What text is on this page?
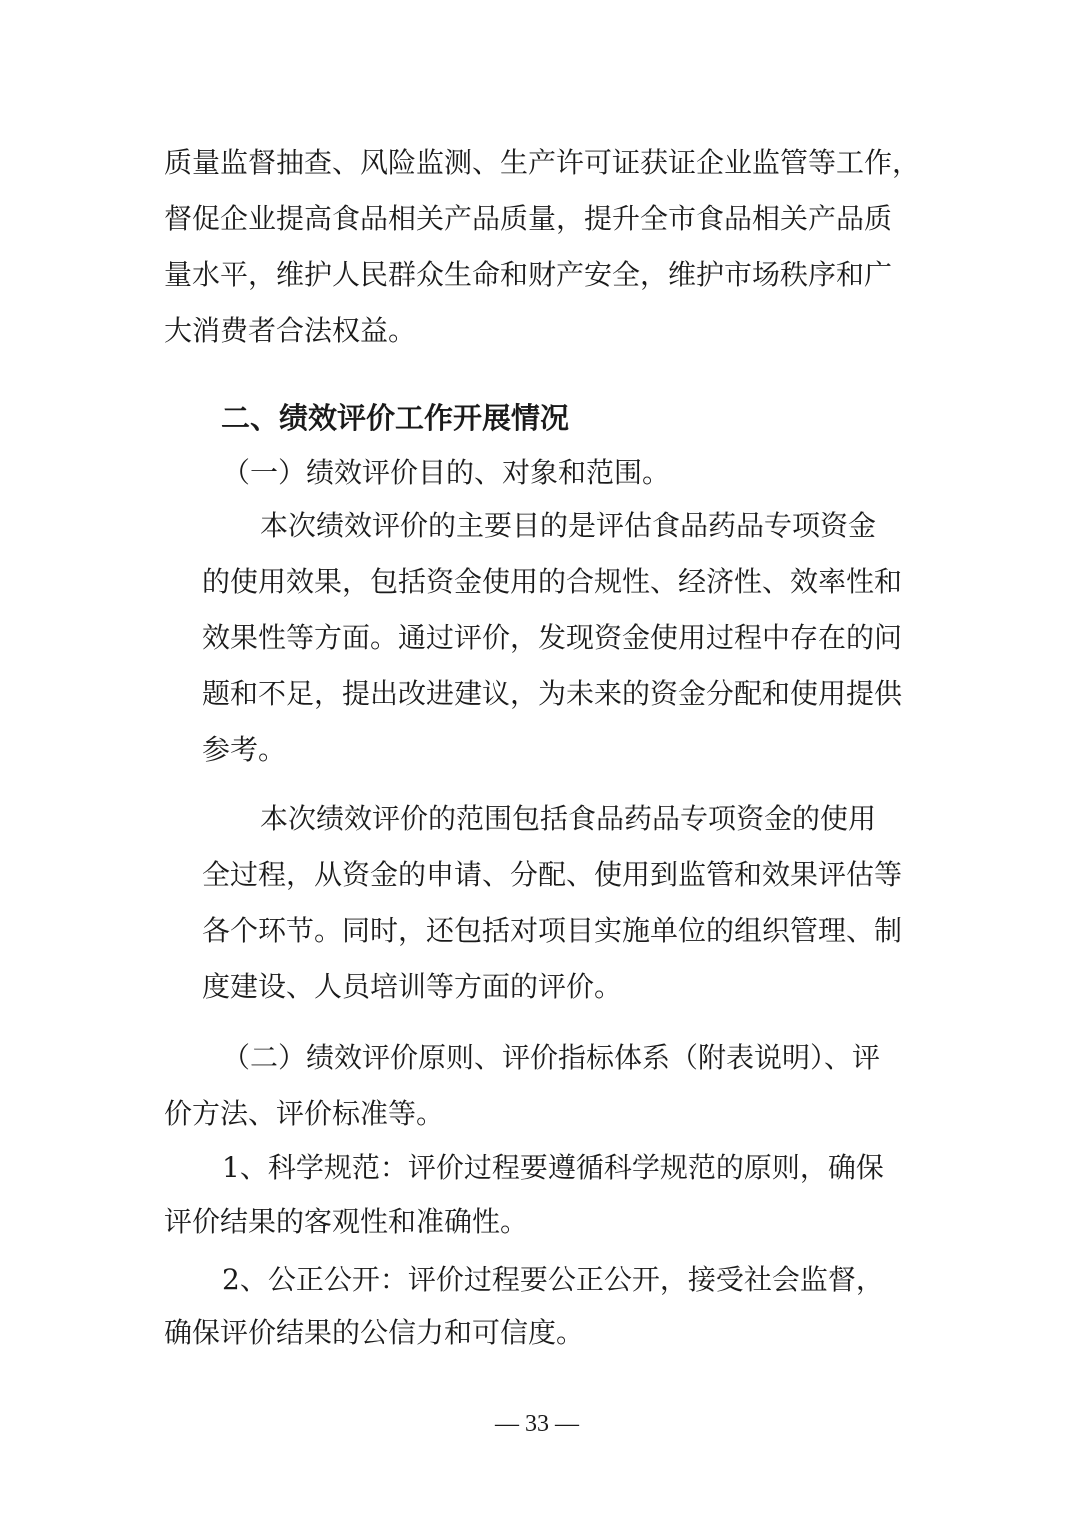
质量监督抽查、风险监测、生产许可证获证企业监管等工作，
督促企业提高食品相关产品质量，提升全市食品相关产品质
量水平，维护人民群众生命和财产安全，维护市场秩序和广
大消费者合法权益。
二、绩效评价工作开展情况
（一）绩效评价目的、对象和范围。
本次绩效评价的主要目的是评估食品药品专项资金
的使用效果，包括资金使用的合规性、经济性、效率性和
效果性等方面。通过评价，发现资金使用过程中存在的问
题和不足，提出改进建议，为未来的资金分配和使用提供
参考。
本次绩效评价的范围包括食品药品专项资金的使用
全过程，从资金的申请、分配、使用到监管和效果评估等
各个环节。同时，还包括对项目实施单位的组织管理、制
度建设、人员培训等方面的评价。
（二）绩效评价原则、评价指标体系（附表说明）、评
价方法、评价标准等。
1、科学规范：评价过程要遵循科学规范的原则，确保
评价结果的客观性和准确性。
2、公正公开：评价过程要公正公开，接受社会监督，
确保评价结果的公信力和可信度。
— 33 —
